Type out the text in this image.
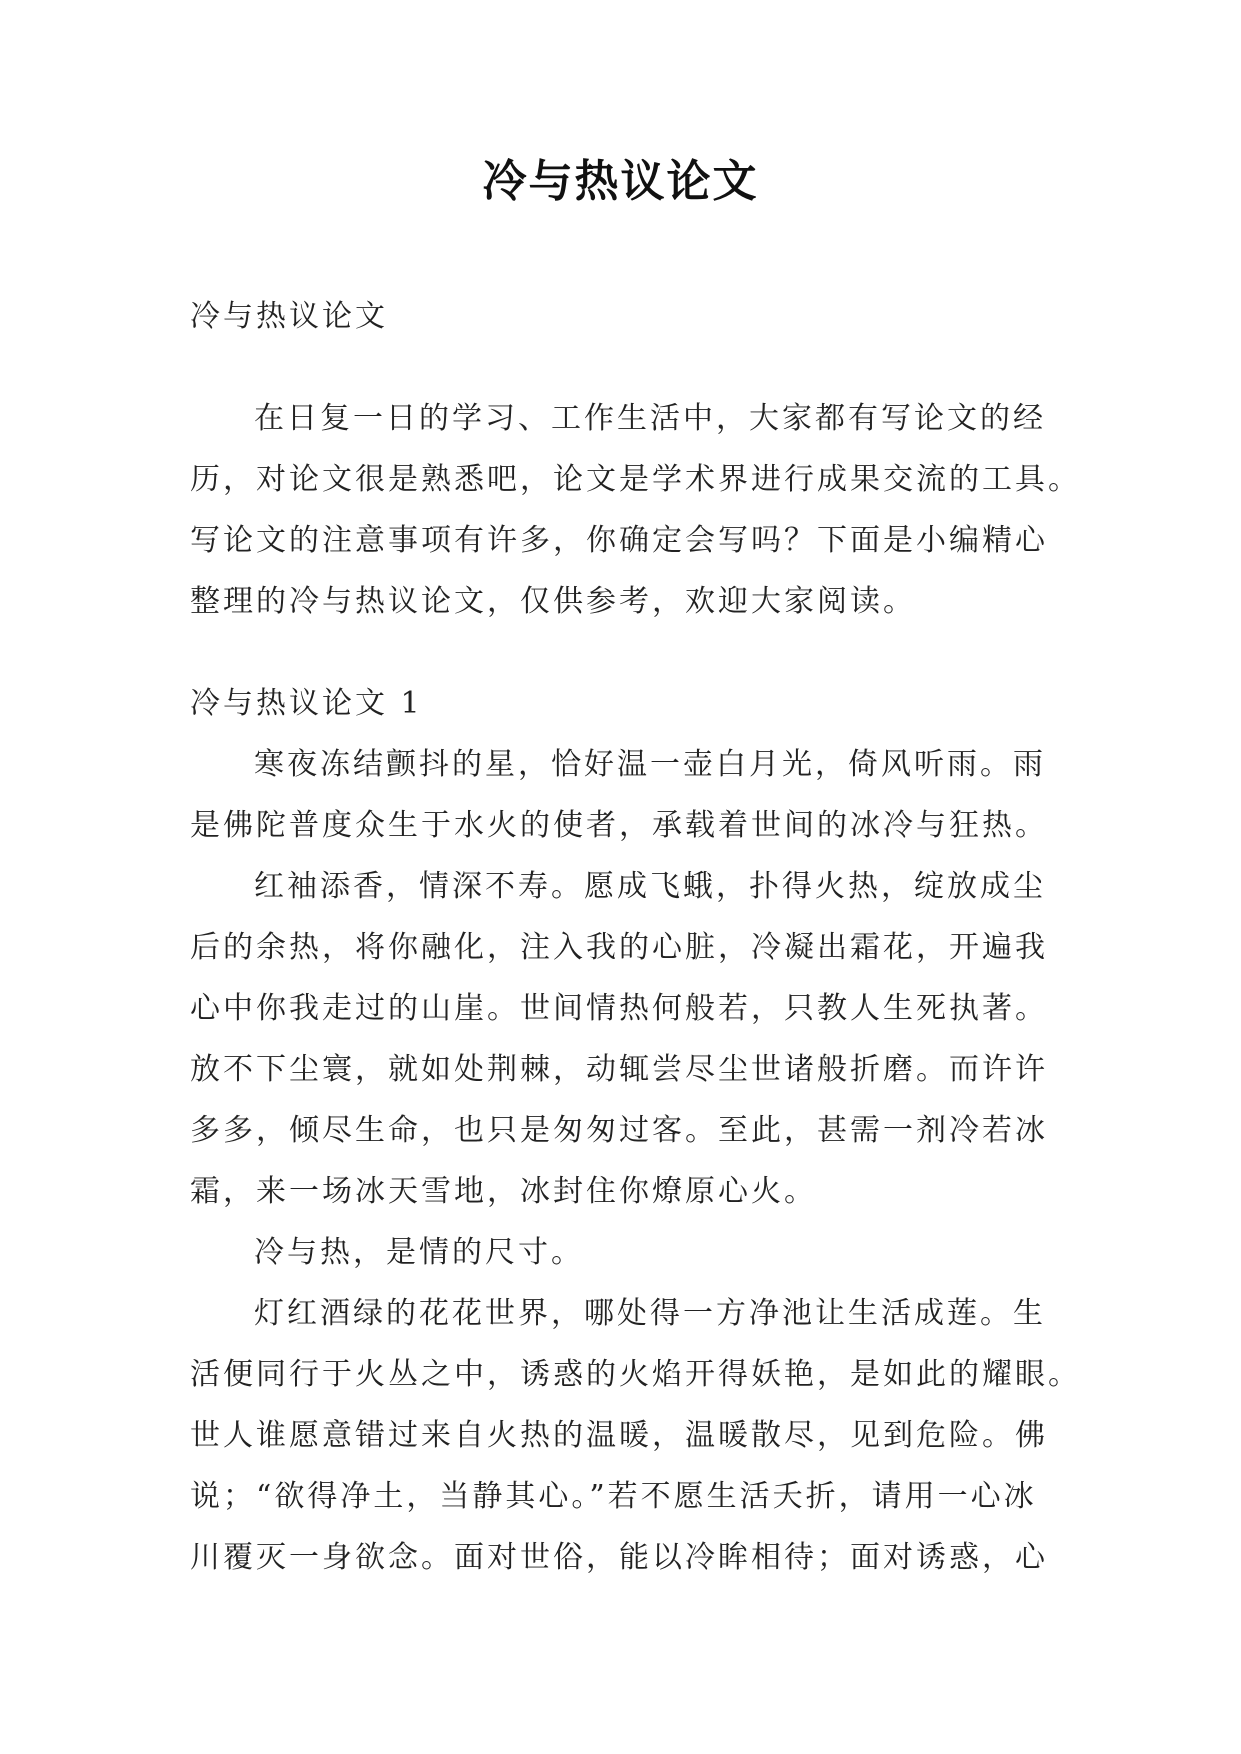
冷与热议论文
冷与热议论文
在日复一日的学习、工作生活中，大家都有写论文的经
历，对论文很是熟悉吧，论文是学术界进行成果交流的工具。
写论文的注意事项有许多，你确定会写吗？下面是小编精心
整理的冷与热议论文，仅供参考，欢迎大家阅读。
冷与热议论文 1
寒夜冻结颤抖的星，恰好温一壶白月光，倚风听雨。雨
是佛陀普度众生于水火的使者，承载着世间的冰冷与狂热。
红袖添香，情深不寿。愿成飞蛾，扑得火热，绽放成尘
后的余热，将你融化，注入我的心脏，冷凝出霜花，开遍我
心中你我走过的山崖。世间情热何般若，只教人生死执著。
放不下尘寰，就如处荆棘，动辄尝尽尘世诸般折磨。而许许
多多，倾尽生命，也只是匆匆过客。至此，甚需一剂冷若冰
霜，来一场冰天雪地，冰封住你燎原心火。
冷与热，是情的尺寸。
灯红酒绿的花花世界，哪处得一方净池让生活成莲。生
活便同行于火丛之中，诱惑的火焰开得妖艳，是如此的耀眼。
世人谁愿意错过来自火热的温暖，温暖散尽，见到危险。佛
说；“欲得净土，当静其心。”若不愿生活夭折，请用一心冰
川覆灭一身欲念。面对世俗，能以冷眸相待；面对诱惑，心
